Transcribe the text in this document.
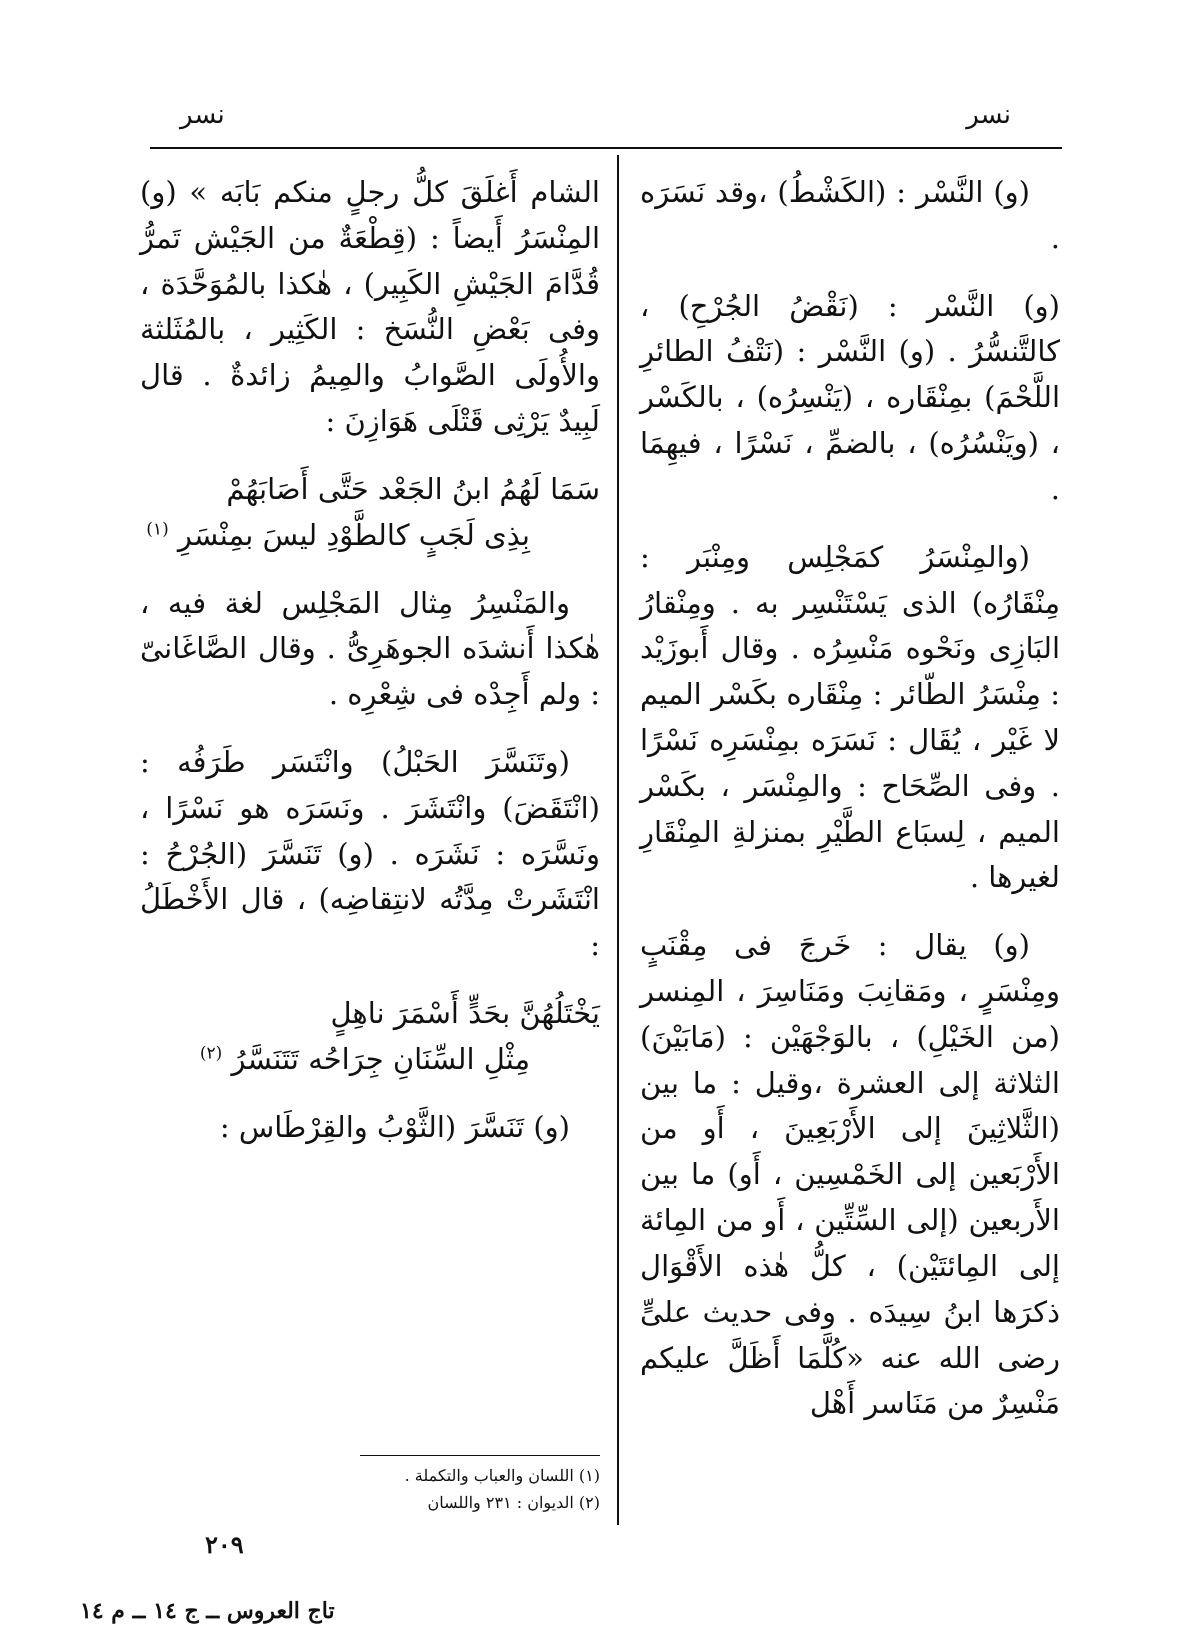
نسر
نسر

(و) النَّسْر : (الكَشْطُ) ،وقد نَسَرَه .

(و) النَّسْر : (نَقْضُ الجُرْحِ) ، كالتَّنسُّرُ . (و) النَّسْر : (نَتْفُ الطائرِ اللَّحْمَ) بمِنْقَاره ، (يَنْسِرُه) ، بالكَسْر ، (ويَنْسُرُه) ، بالضمِّ ، نَسْرًا ، فيهِمَا .

(والمِنْسَرُ كمَجْلِس ومِنْبَر : مِنْقَارُه) الذى يَسْتَنْسِر به . ومِنْقارُ البَازِى ونَحْوه مَنْسِرُه . وقال أَبوزَيْد : مِنْسَرُ الطّائر : مِنْقَاره بكَسْر الميم لا غَيْر ، يُقَال : نَسَرَه بمِنْسَرِه نَسْرًا . وفى الصِّحَاح : والمِنْسَر ، بكَسْر الميم ، لِسبَاع الطَّيْرِ بمنزلةِ المِنْقَارِ لغيرها .

(و) يقال : خَرجَ فى مِقْنَبٍ ومِنْسَرٍ ، ومَقانِبَ ومَنَاسِرَ ، المِنسر (من الخَيْلِ) ، بالوَجْهَيْن : (مَابَيْنَ) الثلاثة إلى العشرة ،وقيل : ما بين (الثَّلاثِينَ إلى الأَرْبَعِينَ ، أَو من الأَرْبَعين إلى الخَمْسِين ، أَو) ما بين الأَربعين (إلى السِّتِّين ، أَو من المِائة إلى المِائتَيْن) ، كلُّ هٰذه الأَقْوَال ذكرَها ابنُ سِيدَه . وفى حديث علىٍّ رضى الله عنه «كُلَّمَا أَظَلَّ عليكم مَنْسِرٌ من مَنَاسر أَهْل

الشام أَغلَقَ كلُّ رجلٍ منكم بَابَه » (و) المِنْسَرُ أَيضاً : (قِطْعَةٌ من الجَيْش تَمرُّ قُدَّامَ الجَيْشِ الكَبِير) ، هٰكذا بالمُوَحَّدَة ، وفى بَعْضِ النُّسَخ : الكَثِير ، بالمُثَلثة والأُولَى الصَّوابُ والمِيمُ زائدةٌ . قال لَبِيدٌ يَرْثِى قَتْلَى هَوَازِنَ :

سَمَا لَهُمُ ابنُ الجَعْد حَتَّى أَصَابَهُمْ
بِذِى لَجَبٍ كالطَّوْدِ ليسَ بمِنْسَرِ $^{(١)}$

والمَنْسِرُ مِثال المَجْلِس لغة فيه ، هٰكذا أَنشدَه الجوهَرِىُّ . وقال الصَّاغَانىّ : ولم أَجِدْه فى شِعْرِه .

(وتَنَسَّرَ الحَبْلُ) وانْتَسَر طَرَفُه : (انْتَقَضَ) وانْتَشَرَ . ونَسَرَه هو نَسْرًا ، ونَسَّرَه : نَشَرَه . (و) تَنَسَّرَ (الجُرْحُ : انْتَشَرتْ مِدَّتُه لانتِقاضِه) ، قال الأَخْطَلُ :

يَخْتَلُهُنَّ بحَدٍّ أَسْمَرَ ناهِلٍ
مِثْلِ السِّنَانِ جِرَاحُه تَتَنَسَّرُ $^{(٢)}$

(و) تَنَسَّرَ (الثَّوْبُ والقِرْطَاس :

(١) اللسان والعباب والتكملة .
(٢) الديوان : ٢٣١ واللسان
٢٠٩
تاج العروس ــ ج ١٤ ــ م ١٤
